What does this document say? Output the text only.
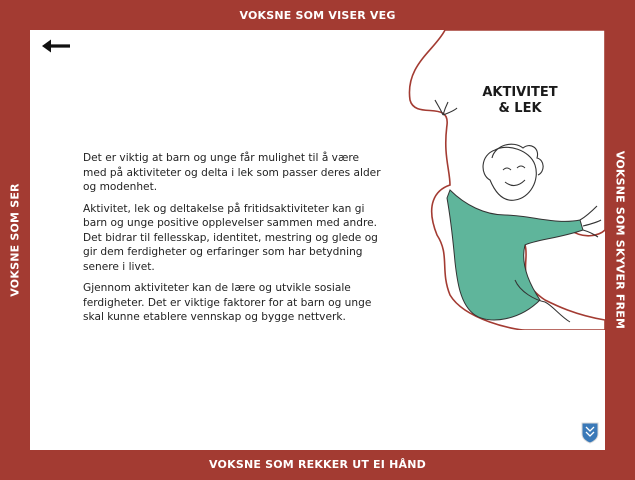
VOKSNE SOM VISER VEG
VOKSNE SOM REKKER UT EI HÅND
VOKSNE SOM SER	VOKSNE SOM SKYVER FREM

Det er viktig at barn og unge får mulighet til å være med på aktiviteter og delta i lek som passer deres alder og modenhet.

Aktivitet, lek og deltakelse på fritidsaktiviteter kan gi barn og unge positive opplevelser sammen med andre. Det bidrar til fellesskap, identitet, mestring og glede og gir dem ferdigheter og erfaringer som har betydning senere i livet.

Gjennom aktiviteter kan de lære og utvikle sosiale ferdigheter. Det er viktige faktorer for at barn og unge skal kunne etablere vennskap og bygge nettverk.

AKTIVITET
& LEK
